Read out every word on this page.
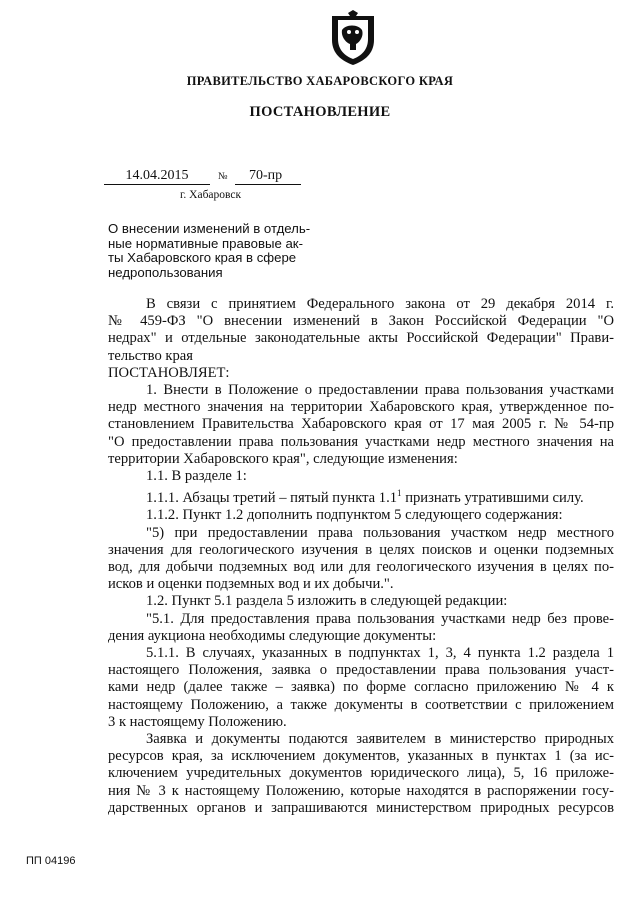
ПРАВИТЕЛЬСТВО ХАБАРОВСКОГО КРАЯ
ПОСТАНОВЛЕНИЕ
14.04.2015	№	70-пр
г. Хабаровск
О внесении изменений в отдель-
ные нормативные правовые ак-
ты Хабаровского края в сфере
недропользования
В связи с принятием Федерального закона от 29 декабря 2014 г.
№ 459-ФЗ "О внесении изменений в Закон Российской Федерации "О
недрах" и отдельные законодательные акты Российской Федерации" Прави-
тельство края
ПОСТАНОВЛЯЕТ:
1. Внести в Положение о предоставлении права пользования участками
недр местного значения на территории Хабаровского края, утвержденное по-
становлением Правительства Хабаровского края от 17 мая 2005 г. № 54-пр
"О предоставлении права пользования участками недр местного значения на
территории Хабаровского края", следующие изменения:
1.1. В разделе 1:
1.1.1. Абзацы третий – пятый пункта $1.1^1$ признать утратившими силу.
1.1.2. Пункт 1.2 дополнить подпунктом 5 следующего содержания:
"5) при предоставлении права пользования участком недр местного
значения для геологического изучения в целях поисков и оценки подземных
вод, для добычи подземных вод или для геологического изучения в целях по-
исков и оценки подземных вод и их добычи.".
1.2. Пункт 5.1 раздела 5 изложить в следующей редакции:
"5.1. Для предоставления права пользования участками недр без прове-
дения аукциона необходимы следующие документы:
5.1.1. В случаях, указанных в подпунктах 1, 3, 4 пункта 1.2 раздела 1
настоящего Положения, заявка о предоставлении права пользования участ-
ками недр (далее также – заявка) по форме согласно приложению № 4 к
настоящему Положению, а также документы в соответствии с приложением
3 к настоящему Положению.
Заявка и документы подаются заявителем в министерство природных
ресурсов края, за исключением документов, указанных в пунктах 1 (за ис-
ключением учредительных документов юридического лица), 5, 16 приложе-
ния № 3 к настоящему Положению, которые находятся в распоряжении госу-
дарственных органов и запрашиваются министерством природных ресурсов
ПП 04196
